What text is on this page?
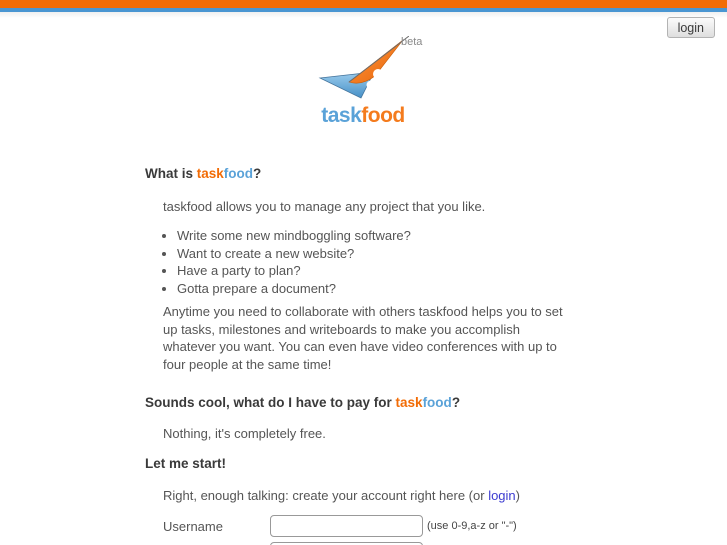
login
beta
taskfood
What is taskfood?

taskfood allows you to manage any project that you like.

• Write some new mindboggling software?
• Want to create a new website?
• Have a party to plan?
• Gotta prepare a document?
Anytime you need to collaborate with others taskfood helps you to set
up tasks, milestones and writeboards to make you accomplish
whatever you want. You can even have video conferences with up to
four people at the same time!
Sounds cool, what do I have to pay for taskfood?

Nothing, it's completely free.

Let me start!

Right, enough talking: create your account right here (or login)

Username	(use 0-9,a-z or "-")
